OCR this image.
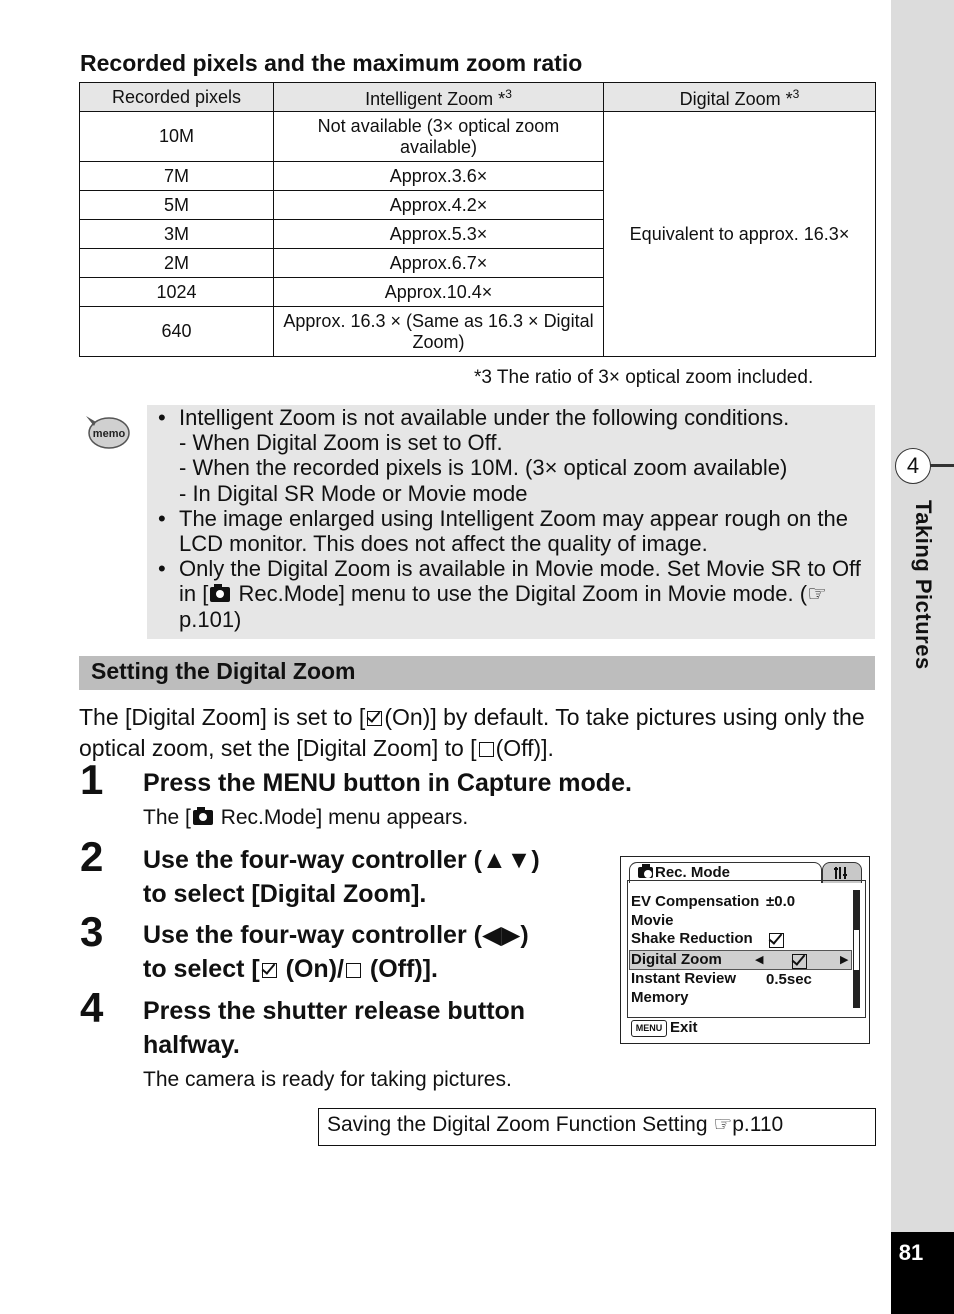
4
Taking Pictures
81
Recorded pixels and the maximum zoom ratio
Recorded pixels	Intelligent Zoom *$^3$	Digital Zoom *$^3$
10M	Not available (3× optical zoom available)	Equivalent to approx. 16.3×
7M	Approx.3.6×	
5M	Approx.4.2×	
3M	Approx.5.3×	
2M	Approx.6.7×	
1024	Approx.10.4×	
640	Approx. 16.3 × (Same as 16.3 × Digital Zoom)	
*3 The ratio of 3× optical zoom included.
memo
• Intelligent Zoom is not available under the following conditions.
- When Digital Zoom is set to Off.
- When the recorded pixels is 10M. (3× optical zoom available)
- In Digital SR Mode or Movie mode
• The image enlarged using Intelligent Zoom may appear rough on the LCD monitor. This does not affect the quality of image.
• Only the Digital Zoom is available in Movie mode. Set Movie SR to Off in [ Rec.Mode] menu to use the Digital Zoom in Movie mode. (☞ p.101)
Setting the Digital Zoom
The [Digital Zoom] is set to [ (On)] by default. To take pictures using only the optical zoom, set the [Digital Zoom] to [ (Off)].
1 Press the MENU button in Capture mode.
The [ Rec.Mode] menu appears.
2 Use the four-way controller (▲▼)
to select [Digital Zoom].
3 Use the four-way controller (◀▶)
to select [ (On)/ (Off)].
4 Press the shutter release button
halfway.
The camera is ready for taking pictures.
Rec. Mode
EV Compensation ±0.0
Movie
Shake Reduction

Digital Zoom	◀	▶
Instant Review 0.5sec
Memory
MENU Exit
Saving the Digital Zoom Function Setting ☞p.110
